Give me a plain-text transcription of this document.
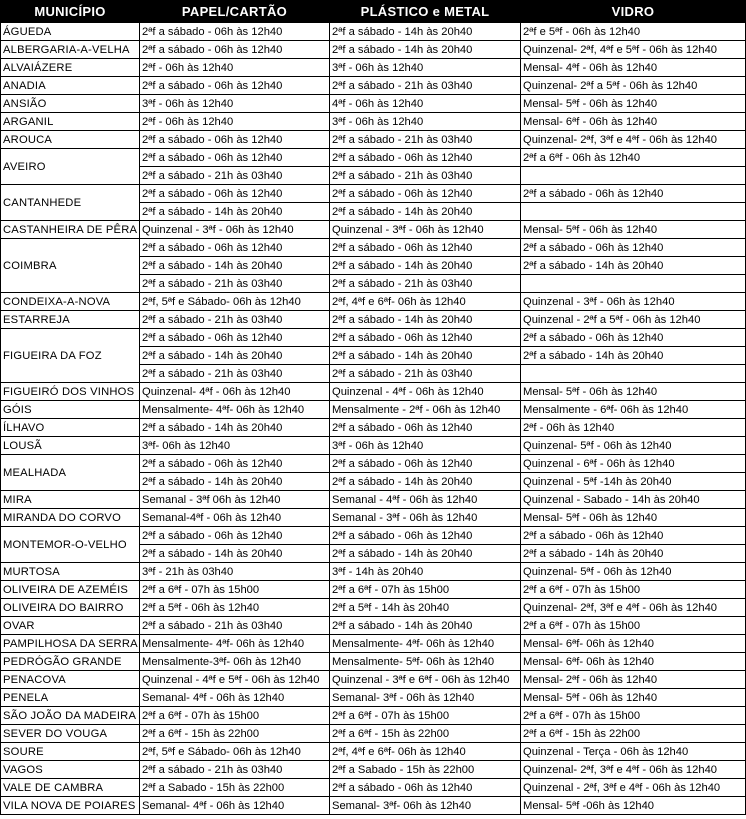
MUNICÍPIO	PAPEL/CARTÃO	PLÁSTICO e METAL	VIDRO
ÁGUEDA	2ªf a sábado - 06h às 12h40	2ªf a sábado - 14h às 20h40	2ªf e 5ªf - 06h às 12h40
ALBERGARIA-A-VELHA	2ªf a sábado - 06h às 12h40	2ªf a sábado - 14h às 20h40	Quinzenal- 2ªf, 4ªf e 5ªf - 06h às 12h40
ALVAIÁZERE	2ªf - 06h às 12h40	3ªf - 06h às 12h40	Mensal- 4ªf - 06h às 12h40
ANADIA	2ªf a sábado - 06h às 12h40	2ªf a sábado - 21h às 03h40	Quinzenal- 2ªf a 5ªf - 06h às 12h40
ANSIÃO	3ªf - 06h às 12h40	4ªf - 06h às 12h40	Mensal- 5ªf - 06h às 12h40
ARGANIL	2ªf - 06h às 12h40	3ªf - 06h às 12h40	Mensal- 6ªf - 06h às 12h40
AROUCA	2ªf a sábado - 06h às 12h40	2ªf a sábado - 21h às 03h40	Quinzenal- 2ªf, 3ªf e 4ªf - 06h às 12h40
AVEIRO	2ªf a sábado - 06h às 12h40	2ªf a sábado - 06h às 12h40	2ªf a 6ªf - 06h às 12h40
	2ªf a sábado - 21h às 03h40	2ªf a sábado - 21h às 03h40	
CANTANHEDE	2ªf a sábado - 06h às 12h40	2ªf a sábado - 06h às 12h40	2ªf a sábado - 06h às 12h40
	2ªf a sábado - 14h às 20h40	2ªf a sábado - 14h às 20h40	
CASTANHEIRA DE PÊRA	Quinzenal - 3ªf - 06h às 12h40	Quinzenal - 3ªf - 06h às 12h40	Mensal- 5ªf - 06h às 12h40
COIMBRA	2ªf a sábado - 06h às 12h40	2ªf a sábado - 06h às 12h40	2ªf a sábado - 06h às 12h40
	2ªf a sábado - 14h às 20h40	2ªf a sábado - 14h às 20h40	2ªf a sábado - 14h às 20h40
	2ªf a sábado - 21h às 03h40	2ªf a sábado - 21h às 03h40	
CONDEIXA-A-NOVA	2ªf, 5ªf e Sábado- 06h às 12h40	2ªf, 4ªf e 6ªf- 06h às 12h40	Quinzenal - 3ªf - 06h às 12h40
ESTARREJA	2ªf a sábado - 21h às 03h40	2ªf a sábado - 14h às 20h40	Quinzenal - 2ªf a 5ªf - 06h às 12h40
FIGUEIRA DA FOZ	2ªf a sábado - 06h às 12h40	2ªf a sábado - 06h às 12h40	2ªf a sábado - 06h às 12h40
	2ªf a sábado - 14h às 20h40	2ªf a sábado - 14h às 20h40	2ªf a sábado - 14h às 20h40
	2ªf a sábado - 21h às 03h40	2ªf a sábado - 21h às 03h40	
FIGUEIRÓ DOS VINHOS	Quinzenal- 4ªf - 06h às 12h40	Quinzenal - 4ªf - 06h às 12h40	Mensal- 5ªf - 06h às 12h40
GÓIS	Mensalmente- 4ªf- 06h às 12h40	Mensalmente - 2ªf - 06h às 12h40	Mensalmente - 6ªf- 06h às 12h40
ÍLHAVO	2ªf a sábado - 14h às 20h40	2ªf a sábado - 06h às 12h40	2ªf - 06h às 12h40
LOUSÃ	3ªf- 06h às 12h40	3ªf - 06h às 12h40	Quinzenal- 5ªf - 06h às 12h40
MEALHADA	2ªf a sábado - 06h às 12h40	2ªf a sábado - 06h às 12h40	Quinzenal - 6ªf - 06h às 12h40
	2ªf a sábado - 14h às 20h40	2ªf a sábado - 14h às 20h40	Quinzenal - 5ªf -14h às 20h40
MIRA	Semanal - 3ªf 06h às 12h40	Semanal - 4ªf - 06h às 12h40	Quinzenal - Sabado - 14h às 20h40
MIRANDA DO CORVO	Semanal-4ªf - 06h às 12h40	Semanal - 3ªf - 06h às 12h40	Mensal- 5ªf - 06h às 12h40
MONTEMOR-O-VELHO	2ªf a sábado - 06h às 12h40	2ªf a sábado - 06h às 12h40	2ªf a sábado - 06h às 12h40
	2ªf a sábado - 14h às 20h40	2ªf a sábado - 14h às 20h40	2ªf a sábado - 14h às 20h40
MURTOSA	3ªf - 21h às 03h40	3ªf - 14h às 20h40	Quinzenal- 5ªf - 06h às 12h40
OLIVEIRA DE AZEMÉIS	2ªf a 6ªf - 07h às 15h00	2ªf a 6ªf - 07h às 15h00	2ªf a 6ªf - 07h às 15h00
OLIVEIRA DO BAIRRO	2ªf a 5ªf - 06h às 12h40	2ªf a 5ªf - 14h às 20h40	Quinzenal- 2ªf, 3ªf e 4ªf - 06h às 12h40
OVAR	2ªf a sábado - 21h às 03h40	2ªf a sábado - 14h às 20h40	2ªf a 6ªf - 07h às 15h00
PAMPILHOSA DA SERRA	Mensalmente- 4ªf- 06h às 12h40	Mensalmente- 4ªf- 06h às 12h40	Mensal- 6ªf- 06h às 12h40
PEDRÓGÃO GRANDE	Mensalmente-3ªf- 06h às 12h40	Mensalmente- 5ªf- 06h às 12h40	Mensal- 6ªf- 06h às 12h40
PENACOVA	Quinzenal - 4ªf e 5ªf - 06h às 12h40	Quinzenal - 3ªf e 6ªf - 06h às 12h40	Mensal- 2ªf - 06h às 12h40
PENELA	Semanal- 4ªf - 06h às 12h40	Semanal- 3ªf - 06h às 12h40	Mensal- 5ªf - 06h às 12h40
SÃO JOÃO DA MADEIRA	2ªf a 6ªf - 07h às 15h00	2ªf a 6ªf - 07h às 15h00	2ªf a 6ªf - 07h às 15h00
SEVER DO VOUGA	2ªf a 6ªf - 15h às 22h00	2ªf a 6ªf - 15h às 22h00	2ªf a 6ªf - 15h às 22h00
SOURE	2ªf, 5ªf e Sábado- 06h às 12h40	2ªf, 4ªf e 6ªf- 06h às 12h40	Quinzenal - Terça - 06h às 12h40
VAGOS	2ªf a sábado - 21h às 03h40	2ªf a Sabado - 15h às 22h00	Quinzenal- 2ªf, 3ªf e 4ªf - 06h às 12h40
VALE DE CAMBRA	2ªf a Sabado - 15h às 22h00	2ªf a sábado - 06h às 12h40	Quinzenal - 2ªf, 3ªf e 4ªf - 06h às 12h40
VILA NOVA DE POIARES	Semanal- 4ªf - 06h às 12h40	Semanal- 3ªf- 06h às 12h40	Mensal- 5ªf -06h às 12h40
